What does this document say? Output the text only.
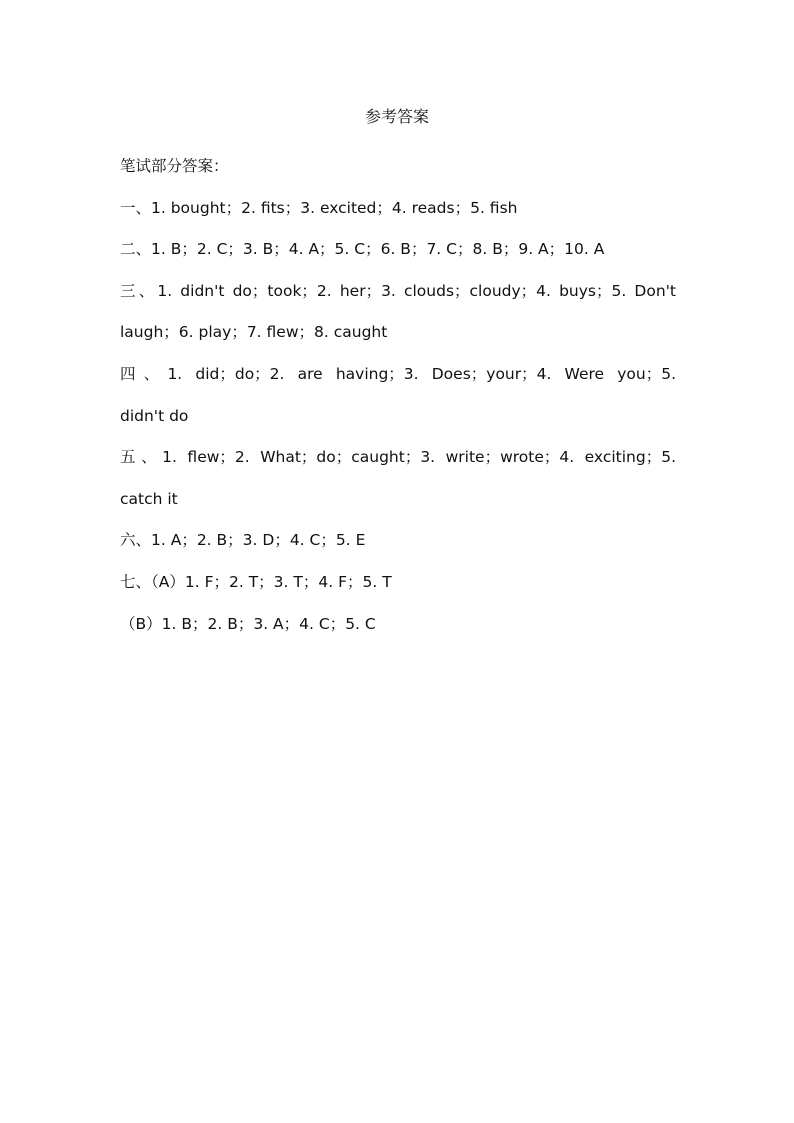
参考答案
笔试部分答案：
一、1. bought；2. fits；3. excited；4. reads；5. fish
二、1. B；2. C；3. B；4. A；5. C；6. B；7. C；8. B；9. A；10. A
三、1. didn't do；took；2. her；3. clouds；cloudy；4. buys；5. Don't
laugh；6. play；7. flew；8. caught
四、1. did；do；2. are having；3. Does；your；4. Were you；5.
didn't do
五、1. flew；2. What；do；caught；3. write；wrote；4. exciting；5.
catch it
六、1. A；2. B；3. D；4. C；5. E
七、（A）1. F；2. T；3. T；4. F；5. T
（B）1. B；2. B；3. A；4. C；5. C
